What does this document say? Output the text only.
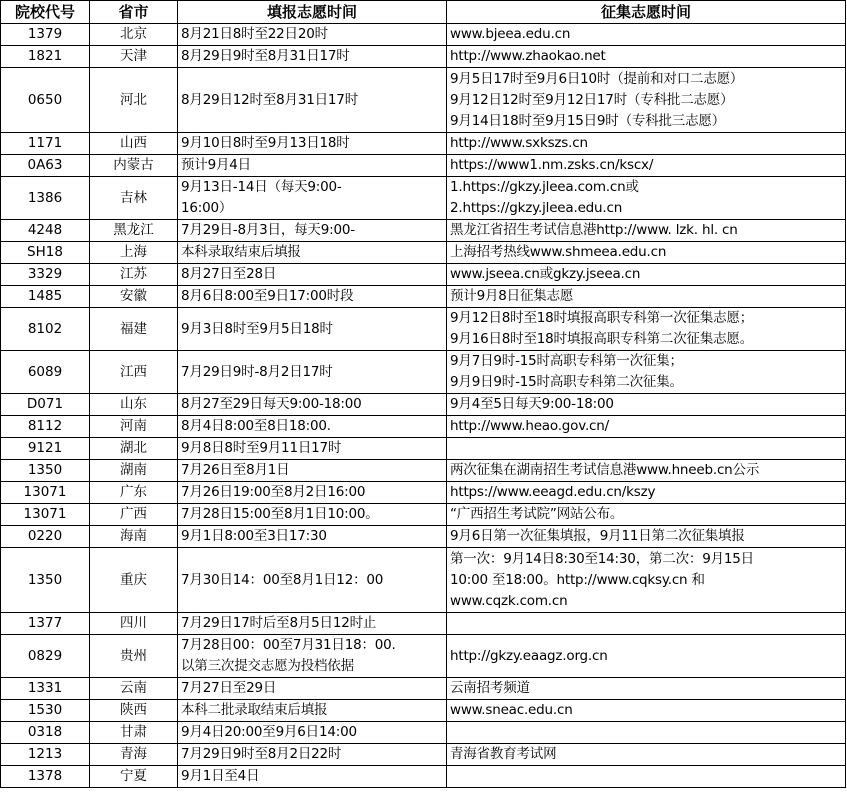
院校代号	省市	填报志愿时间	征集志愿时间
1379	北京	8月21日8时至22日20时	www.bjeea.edu.cn

1821	天津	8月29日9时至8月31日17时	http://www.zhaokao.net

0650	河北	8月29日12时至8月31日17时	9月5日17时至9月6日10时（提前和对口二志愿）
9月12日12时至9月12日17时（专科批二志愿）
9月14日18时至9月15日9时（专科批三志愿）

1171	山西	9月10日8时至9月13日18时	http://www.sxkszs.cn

0A63	内蒙古	预计9月4日	https://www1.nm.zsks.cn/kscx/

1386	吉林	9月13日-14日（每天9:00-
16:00）	1.https://gkzy.jleea.com.cn或
2.https://gkzy.jleea.edu.cn

4248	黑龙江	7月29日-8月3日，每天9:00-	黑龙江省招生考试信息港http://www. lzk. hl. cn

SH18	上海	本科录取结束后填报	上海招考热线www.shmeea.edu.cn

3329	江苏	8月27日至28日	www.jseea.cn或gkzy.jseea.cn

1485	安徽	8月6日8:00至9日17:00时段	预计9月8日征集志愿

8102	福建	9月3日8时至9月5日18时	9月12日8时至18时填报高职专科第一次征集志愿；
9月16日8时至18时填报高职专科第二次征集志愿。

6089	江西	7月29日9时-8月2日17时	9月7日9时-15时高职专科第一次征集；
9月9日9时-15时高职专科第二次征集。

D071	山东	8月27至29日每天9:00-18:00	9月4至5日每天9:00-18:00

8112	河南	8月4日8:00至8日18:00.	http://www.heao.gov.cn/

9121	湖北	9月8日8时至9月11日17时	

1350	湖南	7月26日至8月1日	两次征集在湖南招生考试信息港www.hneeb.cn公示

13071	广东	7月26日19:00至8月2日16:00	https://www.eeagd.edu.cn/kszy

13071	广西	7月28日15:00至8月1日10:00。	“广西招生考试院”网站公布。

0220	海南	9月1日8:00至3日17:30	9月6日第一次征集填报，9月11日第二次征集填报

1350	重庆	7月30日14：00至8月1日12：00	第一次：9月14日8:30至14:30，第二次：9月15日
10:00 至18:00。http://www.cqksy.cn 和
www.cqzk.com.cn

1377	四川	7月29日17时后至8月5日12时止	

0829	贵州	7月28日00：00至7月31日18：00.
以第三次提交志愿为投档依据	http://gkzy.eaagz.org.cn

1331	云南	7月27日至29日	云南招考频道

1530	陕西	本科二批录取结束后填报	www.sneac.edu.cn

0318	甘肃	9月4日20:00至9月6日14:00	

1213	青海	7月29日9时至8月2日22时	青海省教育考试网

1378	宁夏	9月1日至4日	
